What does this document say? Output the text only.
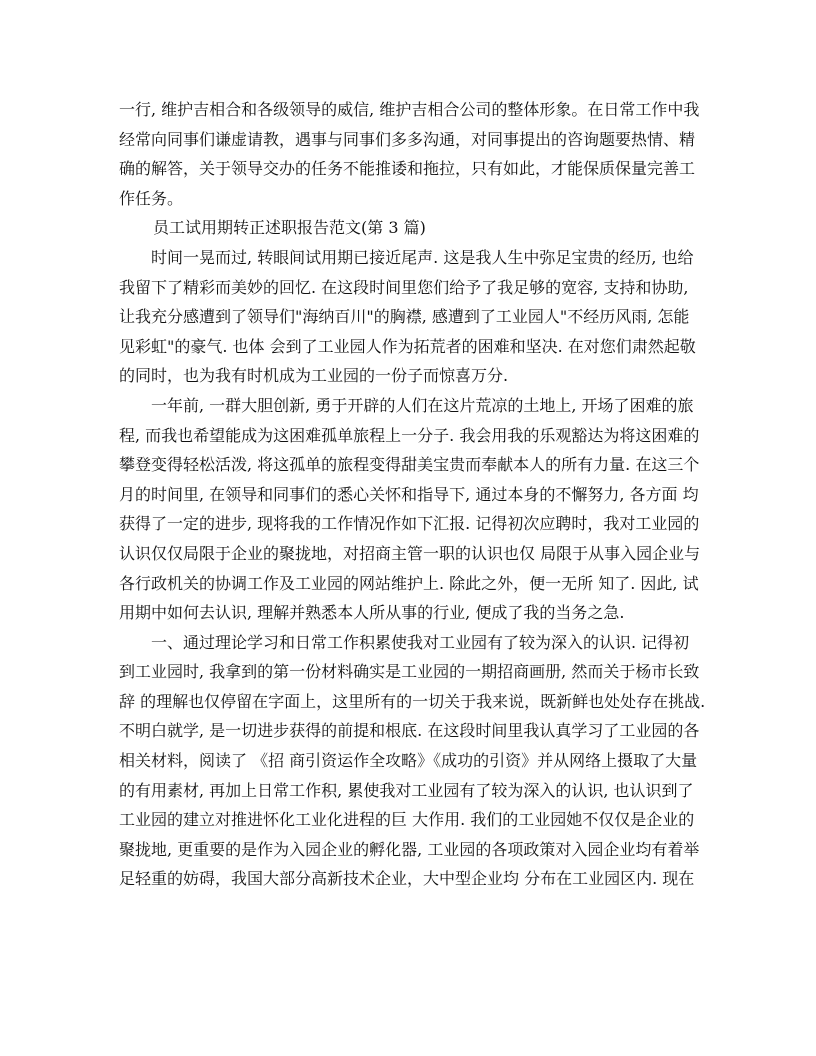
一行, 维护吉相合和各级领导的威信, 维护吉相合公司的整体形象。在日常工作中我
经常向同事们谦虚请教，遇事与同事们多多沟通，对同事提出的咨询题要热情、精
确的解答，关于领导交办的任务不能推诿和拖拉，只有如此，才能保质保量完善工
作任务。
员工试用期转正述职报告范文(第 3 篇)
时间一晃而过, 转眼间试用期已接近尾声. 这是我人生中弥足宝贵的经历, 也给
我留下了精彩而美妙的回忆. 在这段时间里您们给予了我足够的宽容, 支持和协助,
让我充分感遭到了领导们"海纳百川"的胸襟, 感遭到了工业园人"不经历风雨, 怎能
见彩虹"的豪气. 也体 会到了工业园人作为拓荒者的困难和坚决. 在对您们肃然起敬
的同时，也为我有时机成为工业园的一份子而惊喜万分.
一年前, 一群大胆创新, 勇于开辟的人们在这片荒凉的土地上, 开场了困难的旅
程, 而我也希望能成为这困难孤单旅程上一分子. 我会用我的乐观豁达为将这困难的
攀登变得轻松活泼, 将这孤单的旅程变得甜美宝贵而奉献本人的所有力量. 在这三个
月的时间里, 在领导和同事们的悉心关怀和指导下, 通过本身的不懈努力, 各方面 均
获得了一定的进步, 现将我的工作情况作如下汇报. 记得初次应聘时，我对工业园的
认识仅仅局限于企业的聚拢地，对招商主管一职的认识也仅 局限于从事入园企业与
各行政机关的协调工作及工业园的网站维护上. 除此之外，便一无所 知了. 因此, 试
用期中如何去认识, 理解并熟悉本人所从事的行业, 便成了我的当务之急.
一、通过理论学习和日常工作积累使我对工业园有了较为深入的认识. 记得初
到工业园时, 我拿到的第一份材料确实是工业园的一期招商画册, 然而关于杨市长致
辞 的理解也仅停留在字面上，这里所有的一切关于我来说，既新鲜也处处存在挑战.
不明白就学, 是一切进步获得的前提和根底. 在这段时间里我认真学习了工业园的各
相关材料，阅读了 《招 商引资运作全攻略》《成功的引资》并从网络上摄取了大量
的有用素材, 再加上日常工作积, 累使我对工业园有了较为深入的认识, 也认识到了
工业园的建立对推进怀化工业化进程的巨 大作用. 我们的工业园她不仅仅是企业的
聚拢地, 更重要的是作为入园企业的孵化器, 工业园的各项政策对入园企业均有着举
足轻重的妨碍，我国大部分高新技术企业，大中型企业均 分布在工业园区内. 现在
